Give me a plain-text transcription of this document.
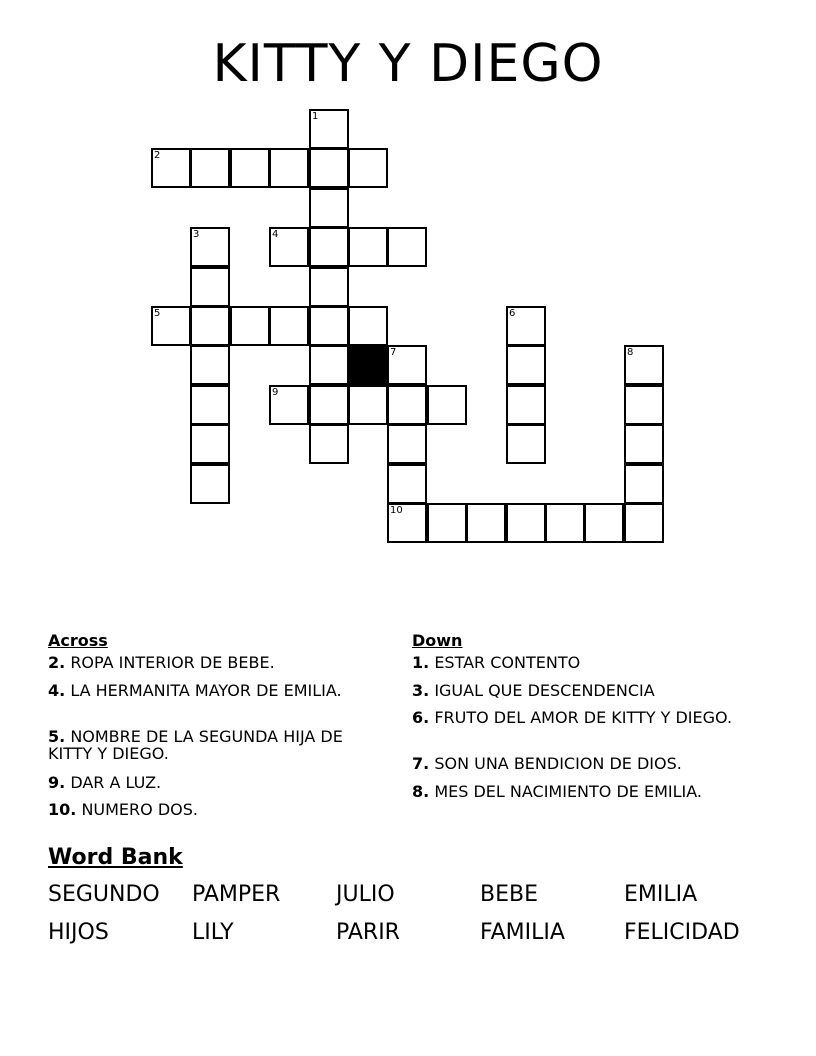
KITTY Y DIEGO
1
2
3	4
5	6
7
10
8
9
Across
2. ROPA INTERIOR DE BEBE.
4. LA HERMANITA MAYOR DE EMILIA.
5. NOMBRE DE LA SEGUNDA HIJA DE KITTY Y DIEGO.
9. DAR A LUZ.
10. NUMERO DOS.
Down
1. ESTAR CONTENTO
3. IGUAL QUE DESCENDENCIA
6. FRUTO DEL AMOR DE KITTY Y DIEGO.
7. SON UNA BENDICION DE DIOS.
8. MES DEL NACIMIENTO DE EMILIA.
Word Bank
SEGUNDO PAMPER	JULIO	BEBE	EMILIA
HIJOS	LILY	PARIR	FAMILIA	FELICIDAD
